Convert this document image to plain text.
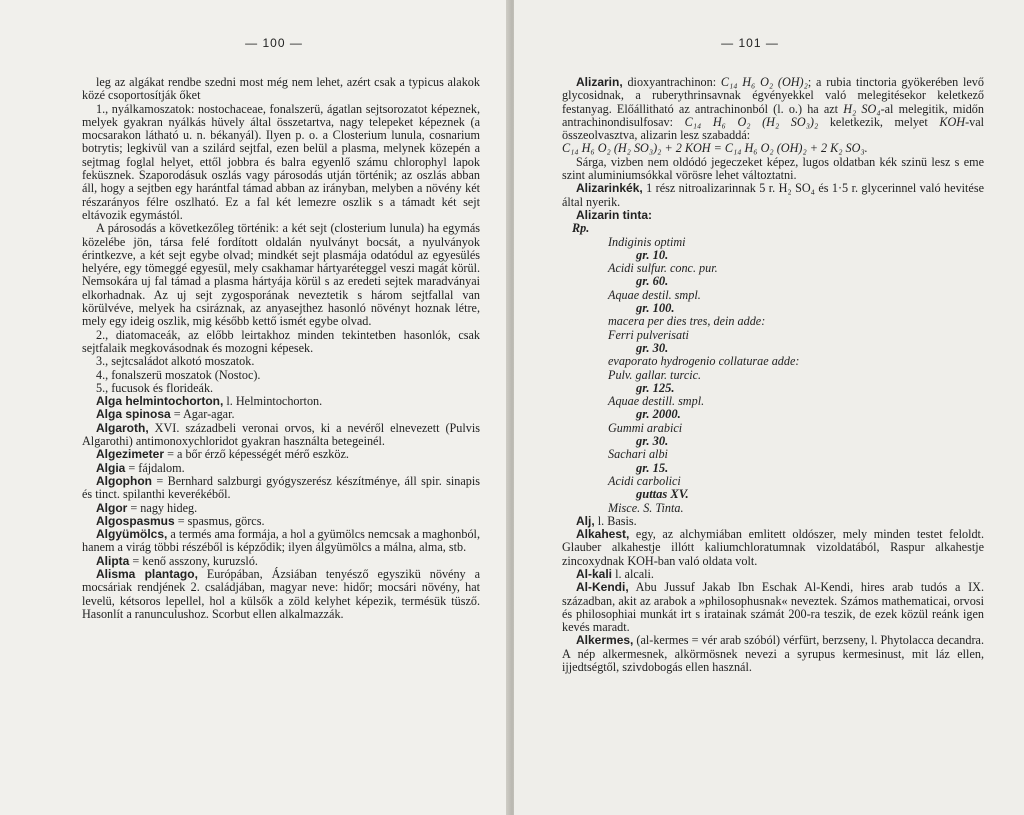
— 100 —

leg az algákat rendbe szedni most még nem lehet, azért csak a typicus alakok közé csoportosítják őket

1., nyálkamoszatok: nostochaceae, fonalszerü, ágatlan sejtsorozatot képeznek, melyek gyakran nyálkás hüvely által összetartva, nagy telepeket képeznek (a mocsarakon látható u. n. békanyál). Ilyen p. o. a Closterium lunula, cosnarium botrytis; legkivül van a szilárd sejtfal, ezen belül a plasma, melynek közepén a sejtmag foglal helyet, ettől jobbra és balra egyenlő számu chlorophyl lapok feküsznek. Szaporodásuk oszlás vagy párosodás utján történik; az oszlás abban áll, hogy a sejtben egy harántfal támad abban az irányban, melyben a növény két részarányos félre oszlható. Ez a fal két lemezre oszlik s a támadt két sejt eltávozik egymástól.

A párosodás a következőleg történik: a két sejt (closterium lunula) ha egymás közelébe jön, társa felé fordított oldalán nyulványt bocsát, a nyulványok érintkezve, a két sejt egybe olvad; mindkét sejt plasmája odatódul az egyesülés helyére, egy tömeggé egyesül, mely csakhamar hártyaréteggel veszi magát körül. Nemsokára uj fal támad a plasma hártyája körül s az eredeti sejtek maradványai elkorhadnak. Az uj sejt zygosporának neveztetik s három sejtfallal van körülvéve, melyek ha csiráznak, az anyasejthez hasonló növényt hoznak létre, mely egy ideig oszlik, mig később kettő ismét egybe olvad.

2., diatomaceák, az előbb leirtakhoz minden tekintetben hasonlók, csak sejtfalaik megkovásodnak és mozogni képesek.

3., sejtcsaládot alkotó moszatok.

4., fonalszerü moszatok (Nostoc).

5., fucusok és florideák.

Alga helmintochorton, l. Helmintochorton.

Alga spinosa = Agar-agar.

Algaroth, XVI. századbeli veronai orvos, ki a nevéről elnevezett (Pulvis Algarothi) antimonoxychloridot gyakran használta betegeinél.

Algezimeter = a bőr érző képességét mérő eszköz.

Algia = fájdalom.

Algophon = Bernhard salzburgi gyógyszerész készítménye, áll spir. sinapis és tinct. spilanthi keverékéből.

Algor = nagy hideg.

Algospasmus = spasmus, görcs.

Algyümölcs, a termés ama formája, a hol a gyümölcs nemcsak a maghonból, hanem a virág többi részéből is képződik; ilyen álgyümölcs a málna, alma, stb.

Alipta = kenő asszony, kuruzsló.

Alisma plantago, Európában, Ázsiában tenyésző egyszikü növény a mocsáriak rendjének 2. családjában, magyar neve: hidőr; mocsári növény, hat levelü, kétsoros lepellel, hol a külsők a zöld kelyhet képezik, termésük tüsző. Hasonlít a ranunculushoz. Scorbut ellen alkalmazzák.

— 101 —

Alizarin, dioxyantrachinon: C₁₄ H₆ O₂ (OH)₂; a rubia tinctoria gyökerében levő glycosidnak, a ruberythrinsavnak égvényekkel való melegitésekor keletkező festanyag. Előállitható az antrachinonból (l. o.) ha azt H₂ SO₄-al melegitik, midőn antrachinondisulfosav: C₁₄ H₆ O₂ (H₂ SO₃)₂ keletkezik, melyet KOH-val összeolvasztva, alizarin lesz szabaddá:

C₁₄ H₆ O₂ (H₂ SO₃)₂ + 2 KOH = C₁₄ H₆ O₂ (OH)₂ + 2 K₂ SO₃.

Sárga, vizben nem oldódó jegeczeket képez, lugos oldatban kék szinü lesz s eme szint aluminiumsókkal vörösre lehet változtatni.

Alizarinkék, 1 rész nitroalizarinnak 5 r. H₂ SO₄ és 1·5 r. glycerinnel való hevitése által nyerik.

Alizarin tinta:

Rp.

Indiginis optimi
gr. 10.
Acidi sulfur. conc. pur.
gr. 60.
Aquae destil. smpl.
gr. 100.
macera per dies tres, dein adde:
Ferri pulverisati
gr. 30.
evaporato hydrogenio collaturae adde:
Pulv. gallar. turcic.
gr. 125.
Aquae destill. smpl.
gr. 2000.
Gummi arabici
gr. 30.
Sachari albi
gr. 15.
Acidi carbolici
guttas XV.
Misce. S. Tinta.

Alj, l. Basis.

Alkahest, egy, az alchymiában emlitett oldószer, mely minden testet feloldt. Glauber alkahestje illótt kaliumchloratumnak vizoldatából, Raspur alkahestje zincoxydnak KOH-ban való oldata volt.

Al-kali l. alcali.

Al-Kendi, Abu Jussuf Jakab Ibn Eschak Al-Kendi, hires arab tudós a IX. században, akit az arabok a »philosophusnak« neveztek. Számos mathematicai, orvosi és philosophiai munkát irt s iratainak számát 200-ra teszik, de ezek közül reánk igen kevés maradt.

Alkermes, (al-kermes = vér arab szóból) vérfürt, berzseny, l. Phytolacca decandra. A nép alkermesnek, alkörmösnek nevezi a syrupus kermesinust, mit láz ellen, ijjedtségtől, szivdobogás ellen használ.
